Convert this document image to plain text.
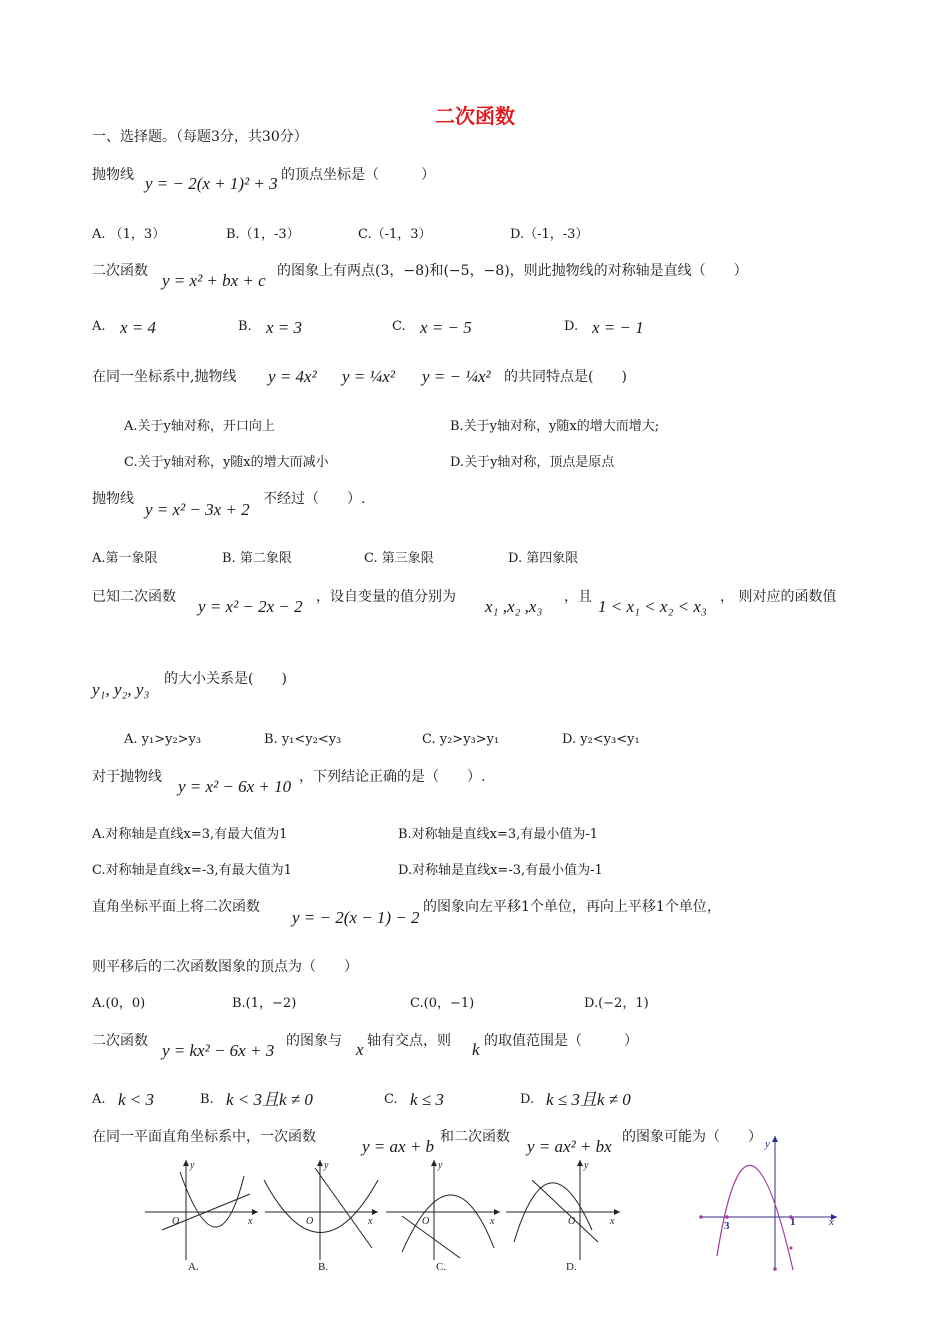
二次函数
一、选择题。（每题3分，共30分）
抛物线 y = − 2(x + 1)² + 3 的顶点坐标是（　　　）
A. （1，3）	B.（1，-3）	C.（-1，3）	D.（-1，-3）
二次函数 y = x² + bx + c 的图象上有两点(3，−8)和(−5，−8)，则此抛物线的对称轴是直线（　　）
A. x = 4	B. x = 3	C. x = − 5	D. x = − 1
在同一坐标系中,抛物线 y = 4x² y = ¼x² y = − ¼x² 的共同特点是(　　)
A.关于y轴对称，开口向上	B.关于y轴对称，y随x的增大而增大;
C.关于y轴对称，y随x的增大而减小	D.关于y轴对称，顶点是原点
抛物线
y = x² − 3x + 2
不经过（　　）.
A.第一象限	B. 第二象限	C. 第三象限	D. 第四象限
已知二次函数 y = x² − 2x − 2 ，设自变量的值分别为 x₁ ,x₂ ,x₃ ，且 1 < x₁ < x₂ < x₃ ， 则对应的函数值
y₁, y₂, y₃
的大小关系是(　　)
A. y₁>y₂>y₃	B. y₁<y₂<y₃	C. y₂>y₃>y₁	D. y₂<y₃<y₁
对于抛物线 y = x² − 6x + 10 ，下列结论正确的是（　　）.
A.对称轴是直线x=3,有最大值为1	B.对称轴是直线x=3,有最小值为-1
C.对称轴是直线x=-3,有最大值为1	D.对称轴是直线x=-3,有最小值为-1
直角坐标平面上将二次函数
y = − 2(x − 1) − 2
的图象向左平移1个单位，再向上平移1个单位，
则平移后的二次函数图象的顶点为（　　）
A.(0，0)	B.(1，−2)	C.(0，−1)	D.(−2，1)
二次函数 y = kx² − 6x + 3 的图象与 x 轴有交点，则 k 的取值范围是（　　　）
A. k < 3	B. k < 3且k ≠ 0	C. k ≤ 3	D. k ≤ 3且k ≠ 0
在同一平面直角坐标系中，一次函数	y = ax + b 和二次函数 y = ax² + bx 的图象可能为（　　）
y
x
O
y
x
O
y
x
O
y
x
O
A.	B.	C.	D.
3	1	x
y
